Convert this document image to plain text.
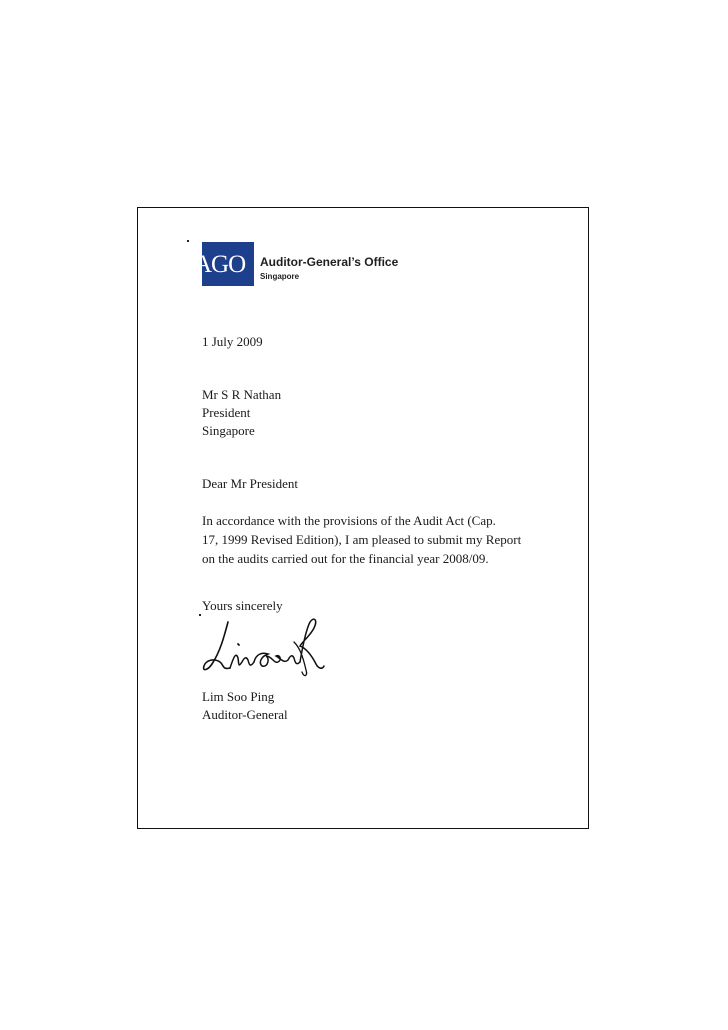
AGO Auditor-General’s Office
Singapore
1 July 2009
Mr S R Nathan
President
Singapore
Dear Mr President
In accordance with the provisions of the Audit Act (Cap.
17, 1999 Revised Edition), I am pleased to submit my Report
on the audits carried out for the financial year 2008/09.
Yours sincerely
Lim Soo Ping
Auditor-General
